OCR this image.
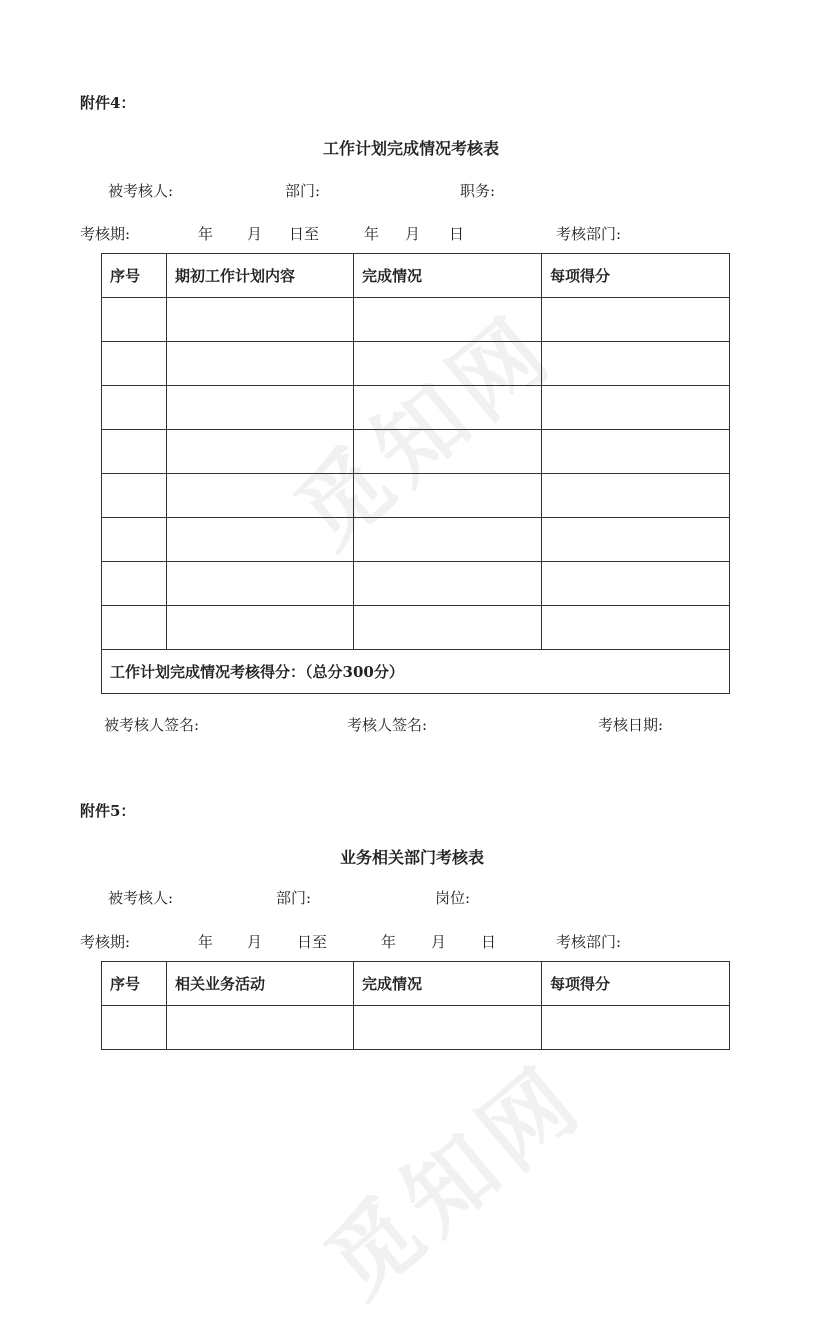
觅知网
觅知网
附件4：
工作计划完成情况考核表
被考核人:	部门:	职务:
考核期:	年 月 日至	年 月 日	考核部门:
序号	期初工作计划内容	完成情况	每项得分

工作计划完成情况考核得分：（总分300分）			
被考核人签名:	考核人签名:	考核日期:
附件5：
业务相关部门考核表
被考核人:	部门:	岗位:
考核期:	年 月 日至	年 月 日	考核部门:
序号	相关业务活动	完成情况	每项得分
